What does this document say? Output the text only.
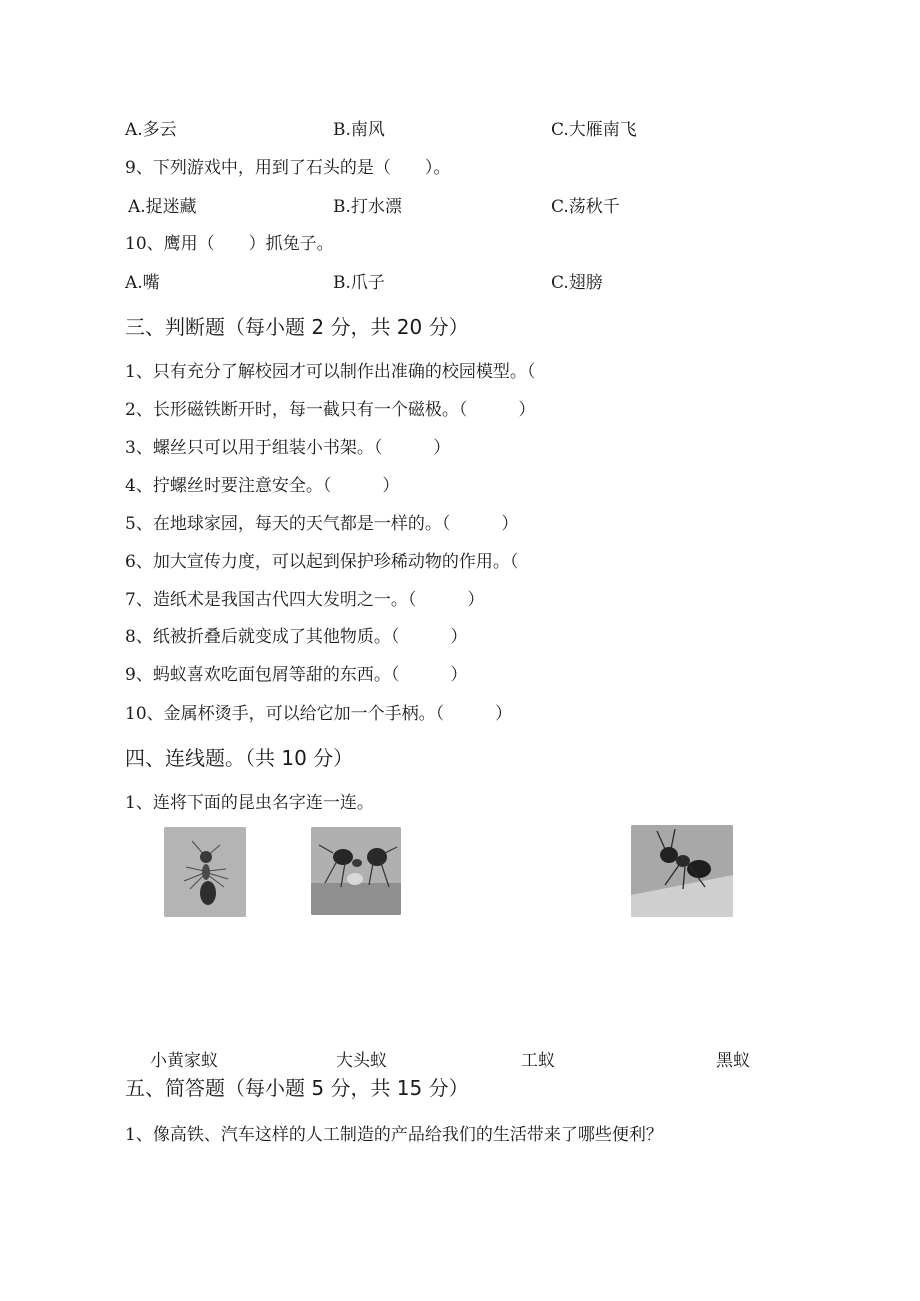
A.多云	B.南风	C.大雁南飞
9、下列游戏中，用到了石头的是（　　）。
A.捉迷藏	B.打水漂	C.荡秋千
10、鹰用（　　）抓兔子。
A.嘴	B.爪子	C.翅膀
三、判断题（每小题 2 分，共 20 分）
1、只有充分了解校园才可以制作出准确的校园模型。（
2、长形磁铁断开时，每一截只有一个磁极。（　　　）
3、螺丝只可以用于组装小书架。（　　　）
4、拧螺丝时要注意安全。（　　　）
5、在地球家园，每天的天气都是一样的。（　　　）
6、加大宣传力度，可以起到保护珍稀动物的作用。（
7、造纸术是我国古代四大发明之一。（　　　）
8、纸被折叠后就变成了其他物质。（　　　）
9、蚂蚁喜欢吃面包屑等甜的东西。（　　　）
10、金属杯烫手，可以给它加一个手柄。（　　　）
四、连线题。（共 10 分）
1、连将下面的昆虫名字连一连。
小黄家蚁	大头蚁	工蚁	黑蚁
五、简答题（每小题 5 分，共 15 分）
1、像高铁、汽车这样的人工制造的产品给我们的生活带来了哪些便利？
